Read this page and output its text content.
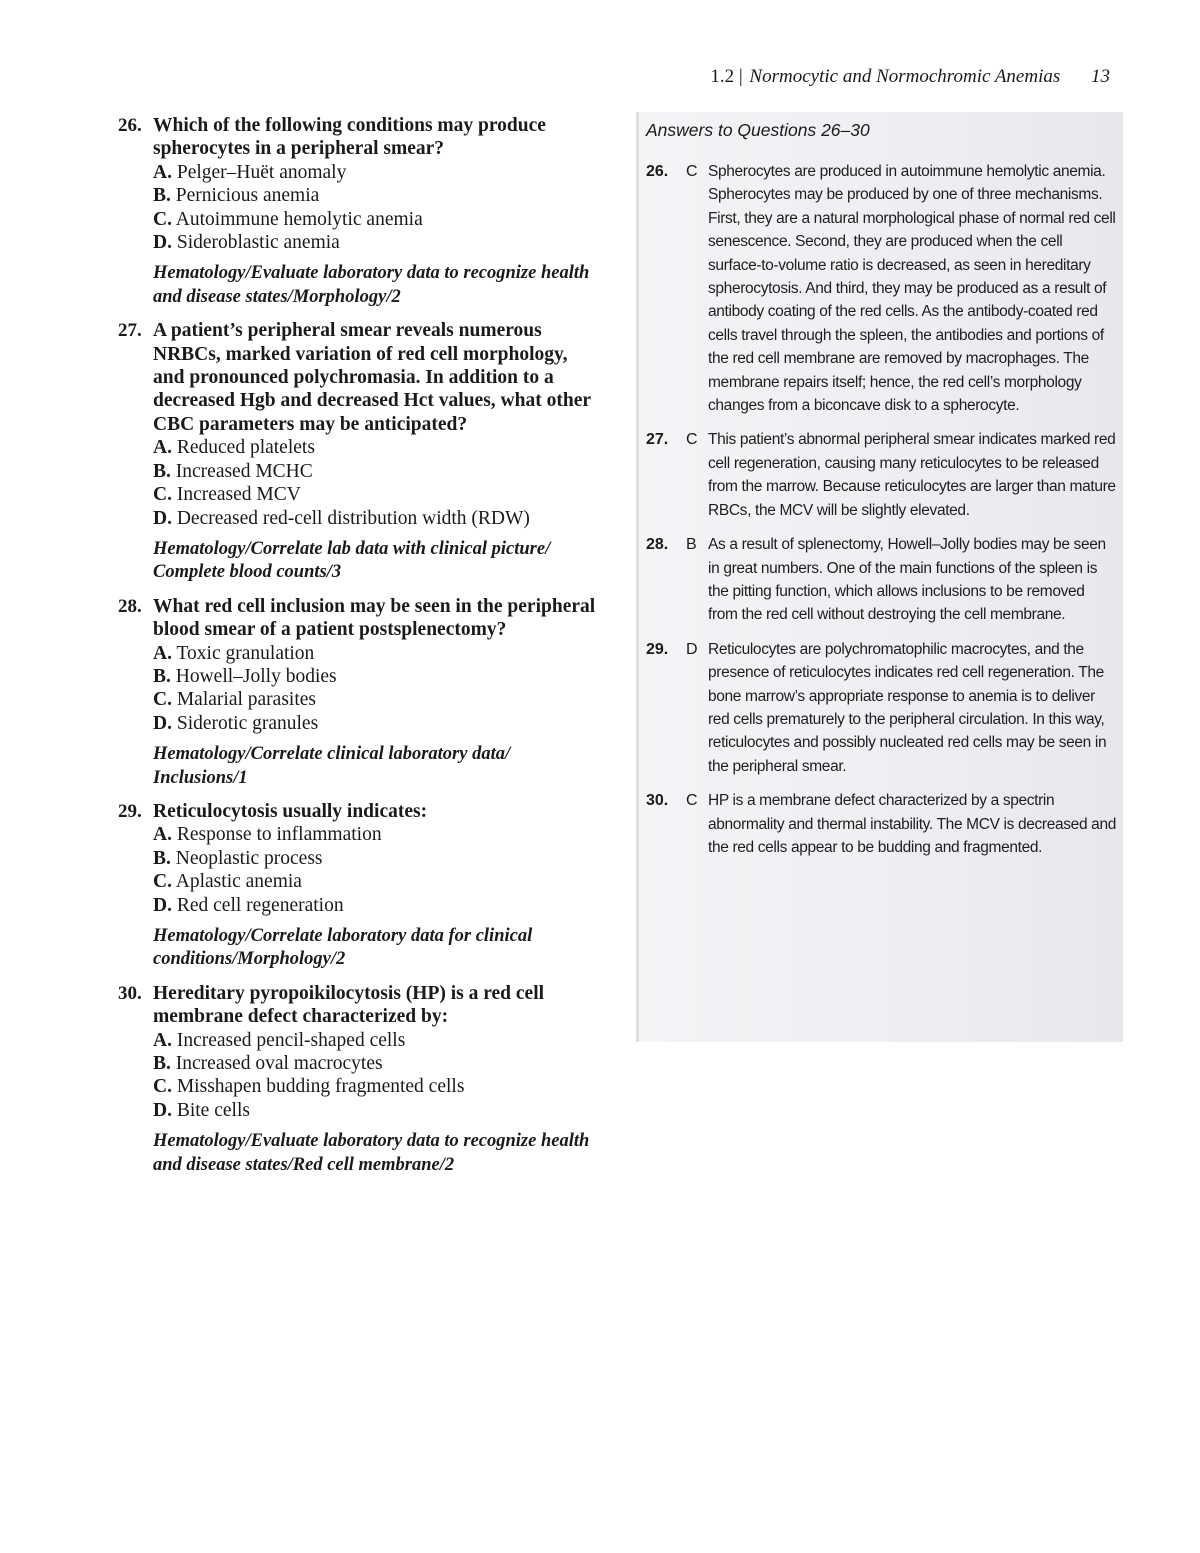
1.2 | Normocytic and Normochromic Anemias 13
26. Which of the following conditions may produce spherocytes in a peripheral smear?
A. Pelger–Huët anomaly
B. Pernicious anemia
C. Autoimmune hemolytic anemia
D. Sideroblastic anemia
Hematology/Evaluate laboratory data to recognize health and disease states/Morphology/2
27. A patient’s peripheral smear reveals numerous NRBCs, marked variation of red cell morphology, and pronounced polychromasia. In addition to a decreased Hgb and decreased Hct values, what other CBC parameters may be anticipated?
A. Reduced platelets
B. Increased MCHC
C. Increased MCV
D. Decreased red-cell distribution width (RDW)
Hematology/Correlate lab data with clinical picture/ Complete blood counts/3
28. What red cell inclusion may be seen in the peripheral blood smear of a patient postsplenectomy?
A. Toxic granulation
B. Howell–Jolly bodies
C. Malarial parasites
D. Siderotic granules
Hematology/Correlate clinical laboratory data/ Inclusions/1
29. Reticulocytosis usually indicates:
A. Response to inflammation
B. Neoplastic process
C. Aplastic anemia
D. Red cell regeneration
Hematology/Correlate laboratory data for clinical conditions/Morphology/2
30. Hereditary pyropoikilocytosis (HP) is a red cell membrane defect characterized by:
A. Increased pencil-shaped cells
B. Increased oval macrocytes
C. Misshapen budding fragmented cells
D. Bite cells
Hematology/Evaluate laboratory data to recognize health and disease states/Red cell membrane/2
Answers to Questions 26–30
26.	C Spherocytes are produced in autoimmune hemolytic anemia. Spherocytes may be produced by one of three mechanisms. First, they are a natural morphological phase of normal red cell senescence. Second, they are produced when the cell surface-to-volume ratio is decreased, as seen in hereditary spherocytosis. And third, they may be produced as a result of antibody coating of the red cells. As the antibody-coated red cells travel through the spleen, the antibodies and portions of the red cell membrane are removed by macrophages. The membrane repairs itself; hence, the red cell’s morphology changes from a biconcave disk to a spherocyte.
27.	C This patient’s abnormal peripheral smear indicates marked red cell regeneration, causing many reticulocytes to be released from the marrow. Because reticulocytes are larger than mature RBCs, the MCV will be slightly elevated.
28.	B As a result of splenectomy, Howell–Jolly bodies may be seen in great numbers. One of the main functions of the spleen is the pitting function, which allows inclusions to be removed from the red cell without destroying the cell membrane.
29.	D Reticulocytes are polychromatophilic macrocytes, and the presence of reticulocytes indicates red cell regeneration. The bone marrow’s appropriate response to anemia is to deliver red cells prematurely to the peripheral circulation. In this way, reticulocytes and possibly nucleated red cells may be seen in the peripheral smear.
30.	C HP is a membrane defect characterized by a spectrin abnormality and thermal instability. The MCV is decreased and the red cells appear to be budding and fragmented.
